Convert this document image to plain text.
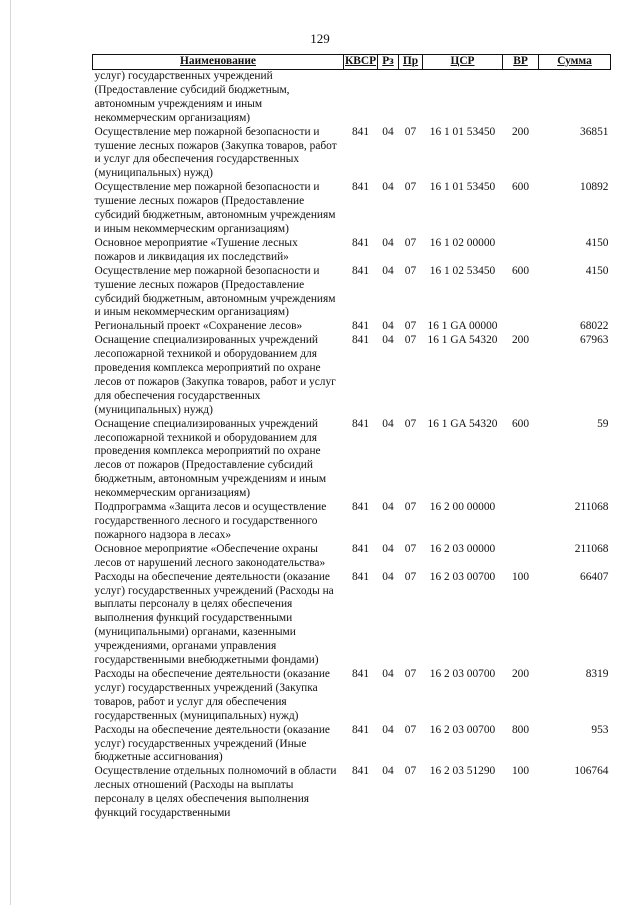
129
Наименование	КВСР	Рз	Пр	ЦСР	ВР	Сумма
услуг) государственных учреждений (Предоставление субсидий бюджетным, автономным учреждениям и иным некоммерческим организациям)						
Осуществление мер пожарной безопасности и тушение лесных пожаров (Закупка товаров, работ и услуг для обеспечения государственных (муниципальных) нужд)	841	04	07	16 1 01 53450	200	36851
Осуществление мер пожарной безопасности и тушение лесных пожаров (Предоставление субсидий бюджетным, автономным учреждениям и иным некоммерческим организациям)	841	04	07	16 1 01 53450	600	10892
Основное мероприятие «Тушение лесных пожаров и ликвидация их последствий»	841	04	07	16 1 02 00000		4150
Осуществление мер пожарной безопасности и тушение лесных пожаров (Предоставление субсидий бюджетным, автономным учреждениям и иным некоммерческим организациям)	841	04	07	16 1 02 53450	600	4150
Региональный проект «Сохранение лесов»	841	04	07	16 1 GA 00000		68022
Оснащение специализированных учреждений лесопожарной техникой и оборудованием для проведения комплекса мероприятий по охране лесов от пожаров (Закупка товаров, работ и услуг для обеспечения государственных (муниципальных) нужд)	841	04	07	16 1 GA 54320	200	67963
Оснащение специализированных учреждений лесопожарной техникой и оборудованием для проведения комплекса мероприятий по охране лесов от пожаров (Предоставление субсидий бюджетным, автономным учреждениям и иным некоммерческим организациям)	841	04	07	16 1 GA 54320	600	59
Подпрограмма «Защита лесов и осуществление государственного лесного и государственного пожарного надзора в лесах»	841	04	07	16 2 00 00000		211068
Основное мероприятие «Обеспечение охраны лесов от нарушений лесного законодательства»	841	04	07	16 2 03 00000		211068
Расходы на обеспечение деятельности (оказание услуг) государственных учреждений (Расходы на выплаты персоналу в целях обеспечения выполнения функций государственными (муниципальными) органами, казенными учреждениями, органами управления государственными внебюджетными фондами)	841	04	07	16 2 03 00700	100	66407
Расходы на обеспечение деятельности (оказание услуг) государственных учреждений (Закупка товаров, работ и услуг для обеспечения государственных (муниципальных) нужд)	841	04	07	16 2 03 00700	200	8319
Расходы на обеспечение деятельности (оказание услуг) государственных учреждений (Иные бюджетные ассигнования)	841	04	07	16 2 03 00700	800	953
Осуществление отдельных полномочий в области лесных отношений (Расходы на выплаты персоналу в целях обеспечения выполнения функций государственными	841	04	07	16 2 03 51290	100	106764
